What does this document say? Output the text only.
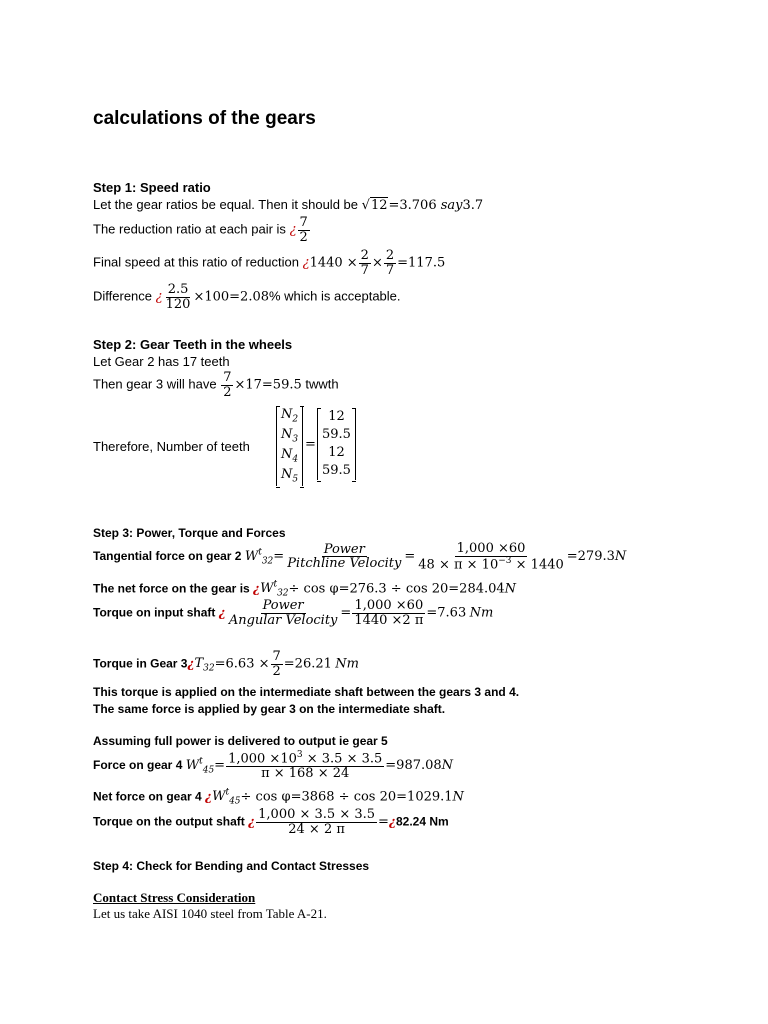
calculations of the gears
Step 1: Speed ratio
Let the gear ratios be equal. Then it should be √12=3.706 say3.7
The reduction ratio at each pair is ¿ $\frac{7}{2}$
Final speed at this ratio of reduction ¿$1440 \times \frac{2}{7} \times \frac{2}{7} =117.5$
Difference ¿ $\frac{2.5}{120} \times 100=2.08\%$ which is acceptable.
Step 2: Gear Teeth in the wheels
Let Gear 2 has 17 teeth
Then gear 3 will have $\frac{7}{2} \times 17=59.5$ twwth
Therefore, Number of teeth
$N_2$
$N_3$
$N_4$
$N_5$
=
12
59.5
12
59.5
Step 3: Power, Torque and Forces
Tangential force on gear 2 $W^t_{32}= \frac{\text{Power}}{\text{Pitchline Velocity}} = \frac{1,000 \times 60}{48 \times \pi \times 10^{-3} \times 1440} =279.3N$
The net force on the gear is ¿$W^t_{32}\div \cos \varphi=276.3 \div \cos 20=284.04N$
Torque on input shaft ¿ $\frac{\text{Power}}{\text{Angular Velocity}} = \frac{1,000 \times 60}{1440 \times 2 \pi} =7.63$ Nm
Torque in Gear $3¿T_{32}=6.63 \times \frac{7}{2} =26.21$ Nm
This torque is applied on the intermediate shaft between the gears 3 and 4.
The same force is applied by gear 3 on the intermediate shaft.
Assuming full power is delivered to output ie gear 5
Force on gear 4 $W^t_{45}= \frac{1,000 \times 10^3 \times 3.5 \times 3.5}{\pi \times 168 \times 24} =987.08N$
Net force on gear 4 ¿$W^t_{45}\div \cos \varphi=3868 \div \cos 20=1029.1N$
Torque on the output shaft ¿ $\frac{1,000 \times 3.5 \times 3.5}{24 \times 2 \pi}$ =¿82.24 Nm
Step 4: Check for Bending and Contact Stresses
Contact Stress Consideration
Let us take AISI 1040 steel from Table A-21.
